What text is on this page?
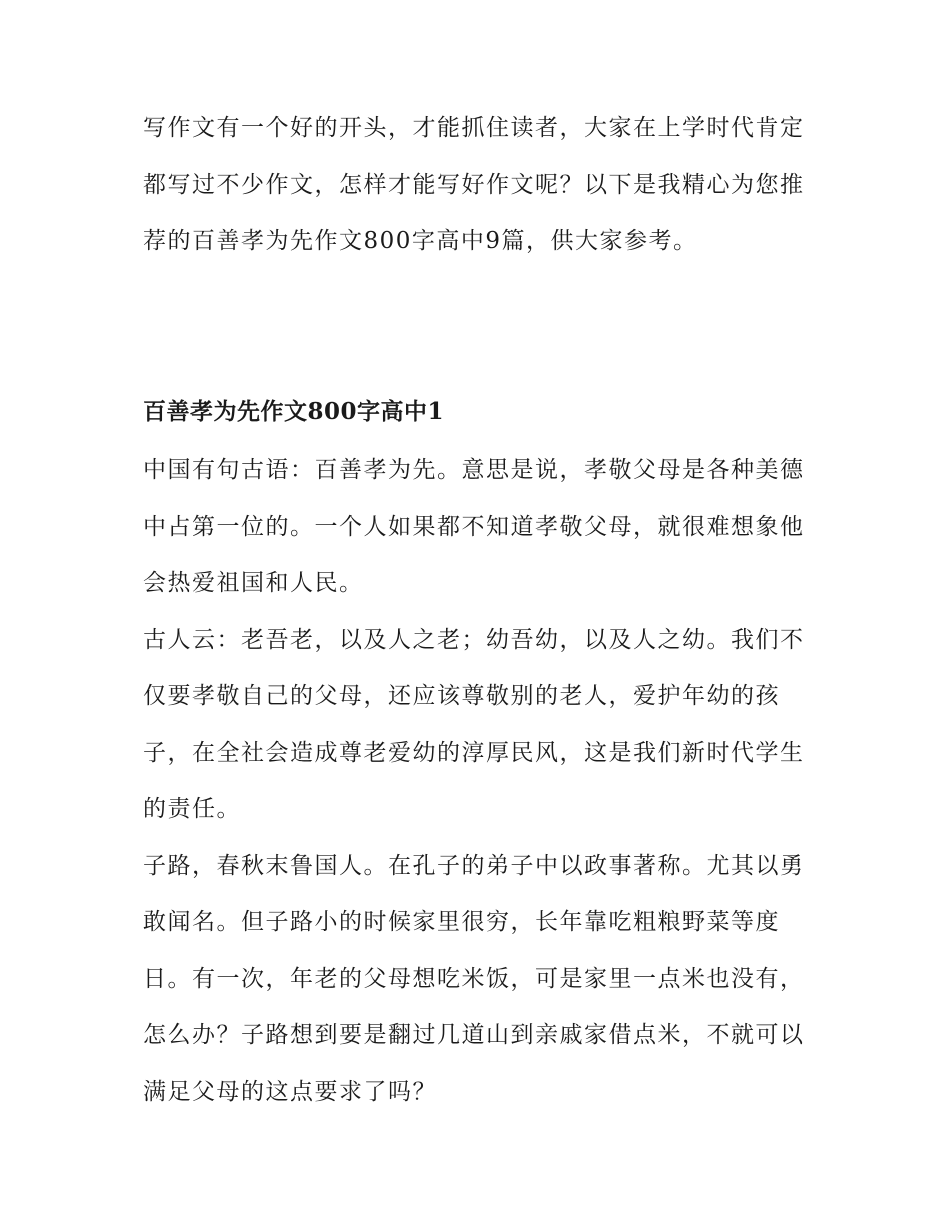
写作文有一个好的开头，才能抓住读者，大家在上学时代肯定都写过不少作文，怎样才能写好作文呢？以下是我精心为您推荐的百善孝为先作文800字高中9篇，供大家参考。

百善孝为先作文800字高中1

中国有句古语：百善孝为先。意思是说，孝敬父母是各种美德中占第一位的。一个人如果都不知道孝敬父母，就很难想象他会热爱祖国和人民。

古人云：老吾老，以及人之老；幼吾幼，以及人之幼。我们不仅要孝敬自己的父母，还应该尊敬别的老人，爱护年幼的孩子，在全社会造成尊老爱幼的淳厚民风，这是我们新时代学生的责任。

子路，春秋末鲁国人。在孔子的弟子中以政事著称。尤其以勇敢闻名。但子路小的时候家里很穷，长年靠吃粗粮野菜等度日。有一次，年老的父母想吃米饭，可是家里一点米也没有，怎么办？子路想到要是翻过几道山到亲戚家借点米，不就可以满足父母的这点要求了吗？
